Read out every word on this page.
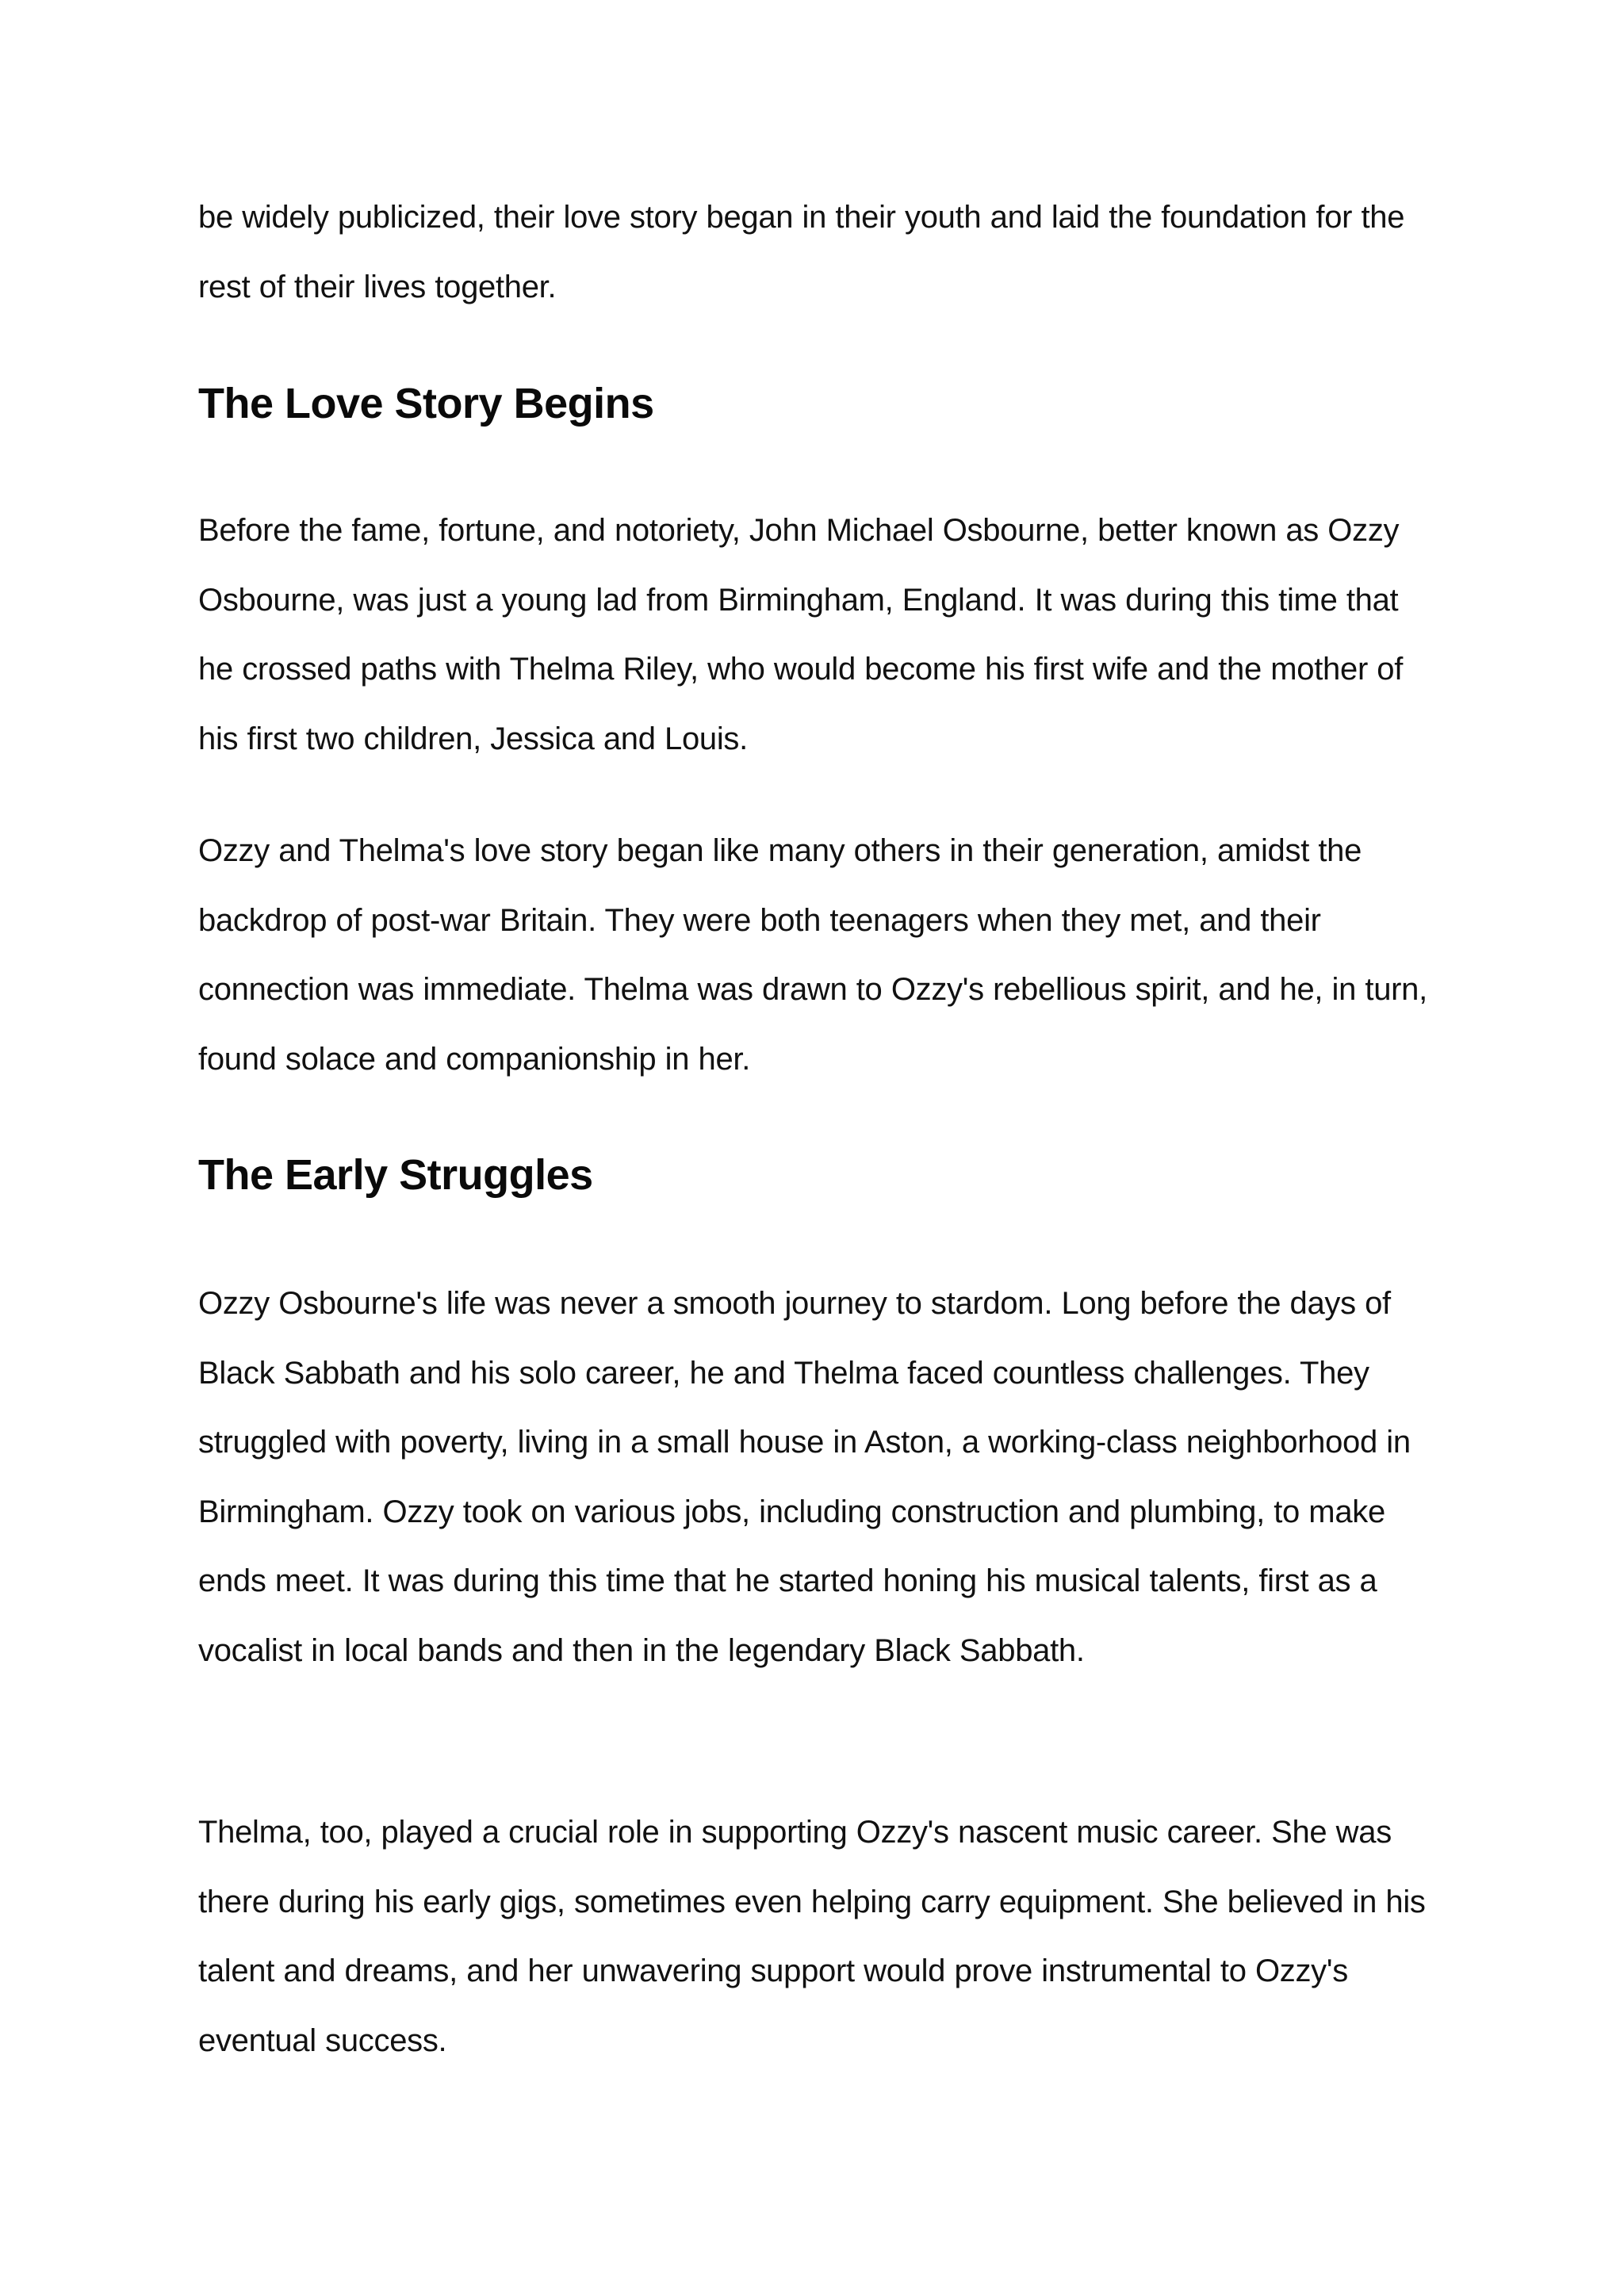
be widely publicized, their love story began in their youth and laid the foundation for the rest of their lives together.

The Love Story Begins

Before the fame, fortune, and notoriety, John Michael Osbourne, better known as Ozzy Osbourne, was just a young lad from Birmingham, England. It was during this time that he crossed paths with Thelma Riley, who would become his first wife and the mother of his first two children, Jessica and Louis.

Ozzy and Thelma's love story began like many others in their generation, amidst the backdrop of post-war Britain. They were both teenagers when they met, and their connection was immediate. Thelma was drawn to Ozzy's rebellious spirit, and he, in turn, found solace and companionship in her.

The Early Struggles

Ozzy Osbourne's life was never a smooth journey to stardom. Long before the days of Black Sabbath and his solo career, he and Thelma faced countless challenges. They struggled with poverty, living in a small house in Aston, a working-class neighborhood in Birmingham. Ozzy took on various jobs, including construction and plumbing, to make ends meet. It was during this time that he started honing his musical talents, first as a vocalist in local bands and then in the legendary Black Sabbath.

Thelma, too, played a crucial role in supporting Ozzy's nascent music career. She was there during his early gigs, sometimes even helping carry equipment. She believed in his talent and dreams, and her unwavering support would prove instrumental to Ozzy's eventual success.
